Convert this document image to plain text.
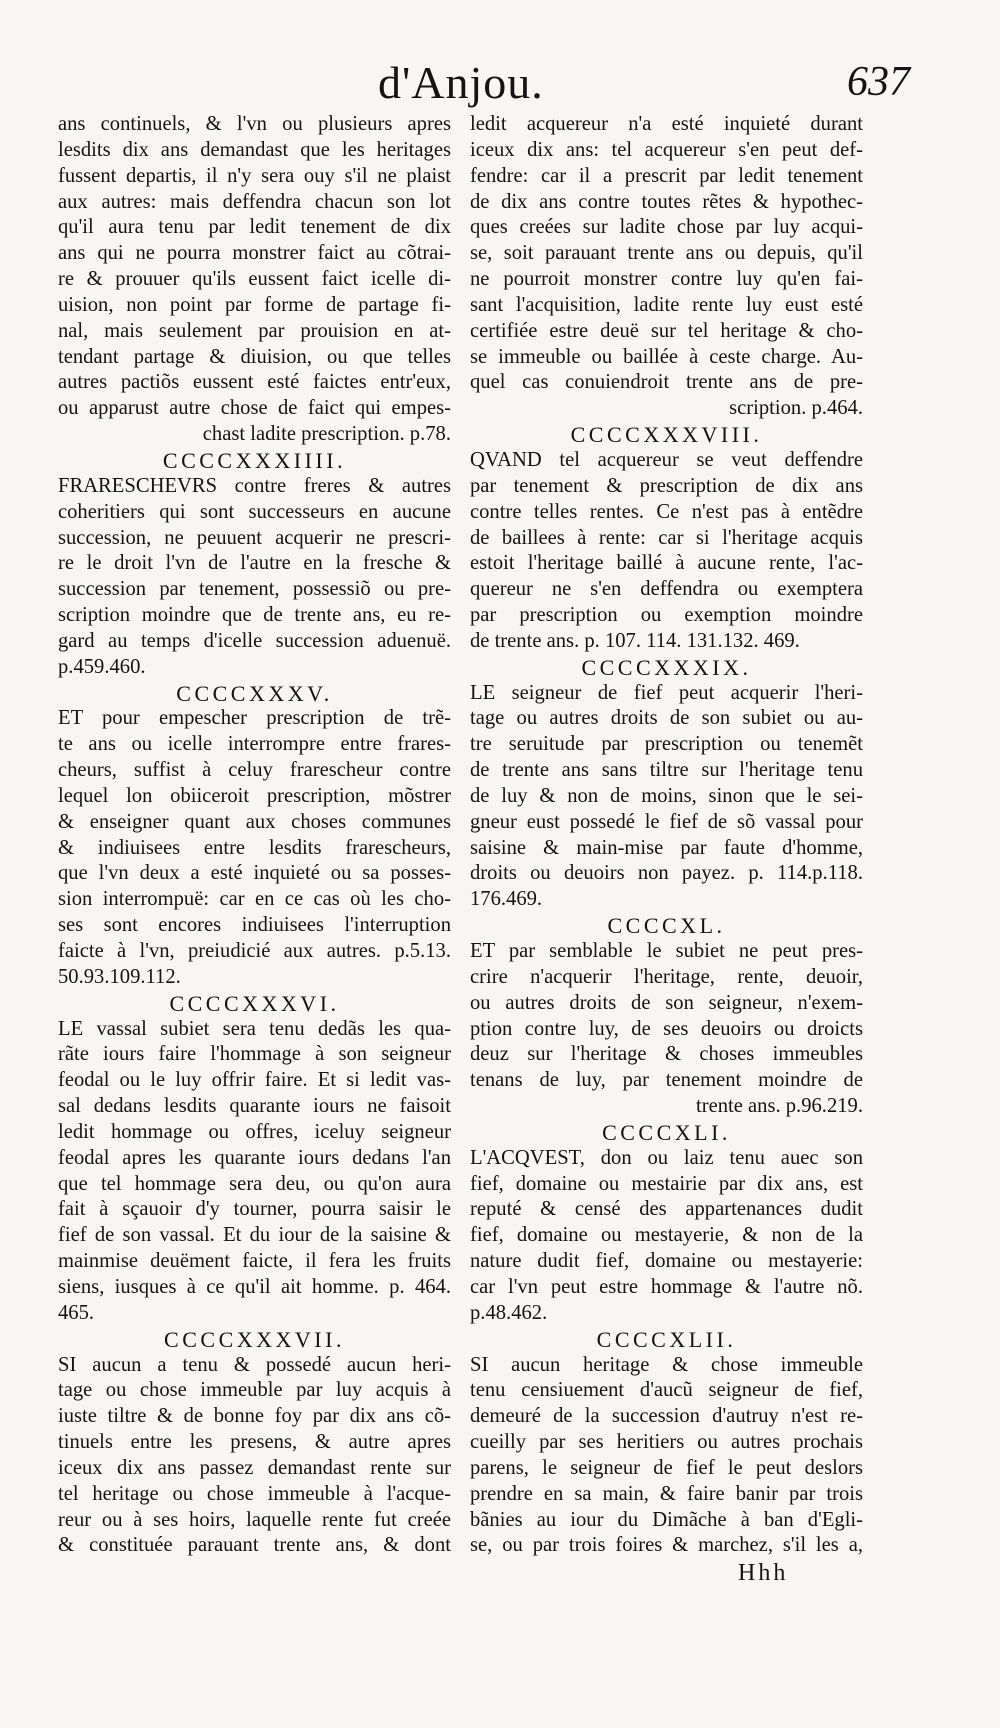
d'Anjou.	637
ans continuels, & l'vn ou plusieurs apres
lesdits dix ans demandast que les heritages
fussent departis, il n'y sera ouy s'il ne plaist
aux autres: mais deffendra chacun son lot
qu'il aura tenu par ledit tenement de dix
ans qui ne pourra monstrer faict au cõtrai-
re & prouuer qu'ils eussent faict icelle di-
uision, non point par forme de partage fi-
nal, mais seulement par prouision en at-
tendant partage & diuision, ou que telles
autres pactiõs eussent esté faictes entr'eux,
ou apparust autre chose de faict qui empes-
chast ladite prescription. p.78.
CCCCXXXIIII.
FRARESCHEVRS contre freres & autres
coheritiers qui sont successeurs en aucune
succession, ne peuuent acquerir ne prescri-
re le droit l'vn de l'autre en la fresche &
succession par tenement, possessiõ ou pre-
scription moindre que de trente ans, eu re-
gard au temps d'icelle succession aduenuë.
p.459.460.
CCCCXXXV.
ET pour empescher prescription de trẽ-
te ans ou icelle interrompre entre frares-
cheurs, suffist à celuy frarescheur contre
lequel lon obiiceroit prescription, mõstrer
& enseigner quant aux choses communes
& indiuisees entre lesdits frarescheurs,
que l'vn deux a esté inquieté ou sa posses-
sion interrompuë: car en ce cas où les cho-
ses sont encores indiuisees l'interruption
faicte à l'vn, preiudicié aux autres. p.5.13.
50.93.109.112.
CCCCXXXVI.
LE vassal subiet sera tenu dedãs les qua-
rãte iours faire l'hommage à son seigneur
feodal ou le luy offrir faire. Et si ledit vas-
sal dedans lesdits quarante iours ne faisoit
ledit hommage ou offres, iceluy seigneur
feodal apres les quarante iours dedans l'an
que tel hommage sera deu, ou qu'on aura
fait à sçauoir d'y tourner, pourra saisir le
fief de son vassal. Et du iour de la saisine &
mainmise deuëment faicte, il fera les fruits
siens, iusques à ce qu'il ait homme. p. 464.
465.
CCCCXXXVII.
SI aucun a tenu & possedé aucun heri-
tage ou chose immeuble par luy acquis à
iuste tiltre & de bonne foy par dix ans cõ-
tinuels entre les presens, & autre apres
iceux dix ans passez demandast rente sur
tel heritage ou chose immeuble à l'acque-
reur ou à ses hoirs, laquelle rente fut creée
& constituée parauant trente ans, & dont
ledit acquereur n'a esté inquieté durant
iceux dix ans: tel acquereur s'en peut def-
fendre: car il a prescrit par ledit tenement
de dix ans contre toutes rẽtes & hypothec-
ques creées sur ladite chose par luy acqui-
se, soit parauant trente ans ou depuis, qu'il
ne pourroit monstrer contre luy qu'en fai-
sant l'acquisition, ladite rente luy eust esté
certifiée estre deuë sur tel heritage & cho-
se immeuble ou baillée à ceste charge. Au-
quel cas conuiendroit trente ans de pre-
scription. p.464.
CCCCXXXVIII.
QVAND tel acquereur se veut deffendre
par tenement & prescription de dix ans
contre telles rentes. Ce n'est pas à entẽdre
de baillees à rente: car si l'heritage acquis
estoit l'heritage baillé à aucune rente, l'ac-
quereur ne s'en deffendra ou exemptera
par prescription ou exemption moindre
de trente ans. p. 107. 114. 131.132. 469.
CCCCXXXIX.
LE seigneur de fief peut acquerir l'heri-
tage ou autres droits de son subiet ou au-
tre seruitude par prescription ou tenemẽt
de trente ans sans tiltre sur l'heritage tenu
de luy & non de moins, sinon que le sei-
gneur eust possedé le fief de sõ vassal pour
saisine & main-mise par faute d'homme,
droits ou deuoirs non payez. p. 114.p.118.
176.469.
CCCCXL.
ET par semblable le subiet ne peut pres-
crire n'acquerir l'heritage, rente, deuoir,
ou autres droits de son seigneur, n'exem-
ption contre luy, de ses deuoirs ou droicts
deuz sur l'heritage & choses immeubles
tenans de luy, par tenement moindre de
trente ans. p.96.219.
CCCCXLI.
L'ACQVEST, don ou laiz tenu auec son
fief, domaine ou mestairie par dix ans, est
reputé & censé des appartenances dudit
fief, domaine ou mestayerie, & non de la
nature dudit fief, domaine ou mestayerie:
car l'vn peut estre hommage & l'autre nõ.
p.48.462.
CCCCXLII.
SI aucun heritage & chose immeuble
tenu censiuement d'aucũ seigneur de fief,
demeuré de la succession d'autruy n'est re-
cueilly par ses heritiers ou autres prochais
parens, le seigneur de fief le peut deslors
prendre en sa main, & faire banir par trois
bãnies au iour du Dimãche à ban d'Egli-
se, ou par trois foires & marchez, s'il les a,
Hhh
